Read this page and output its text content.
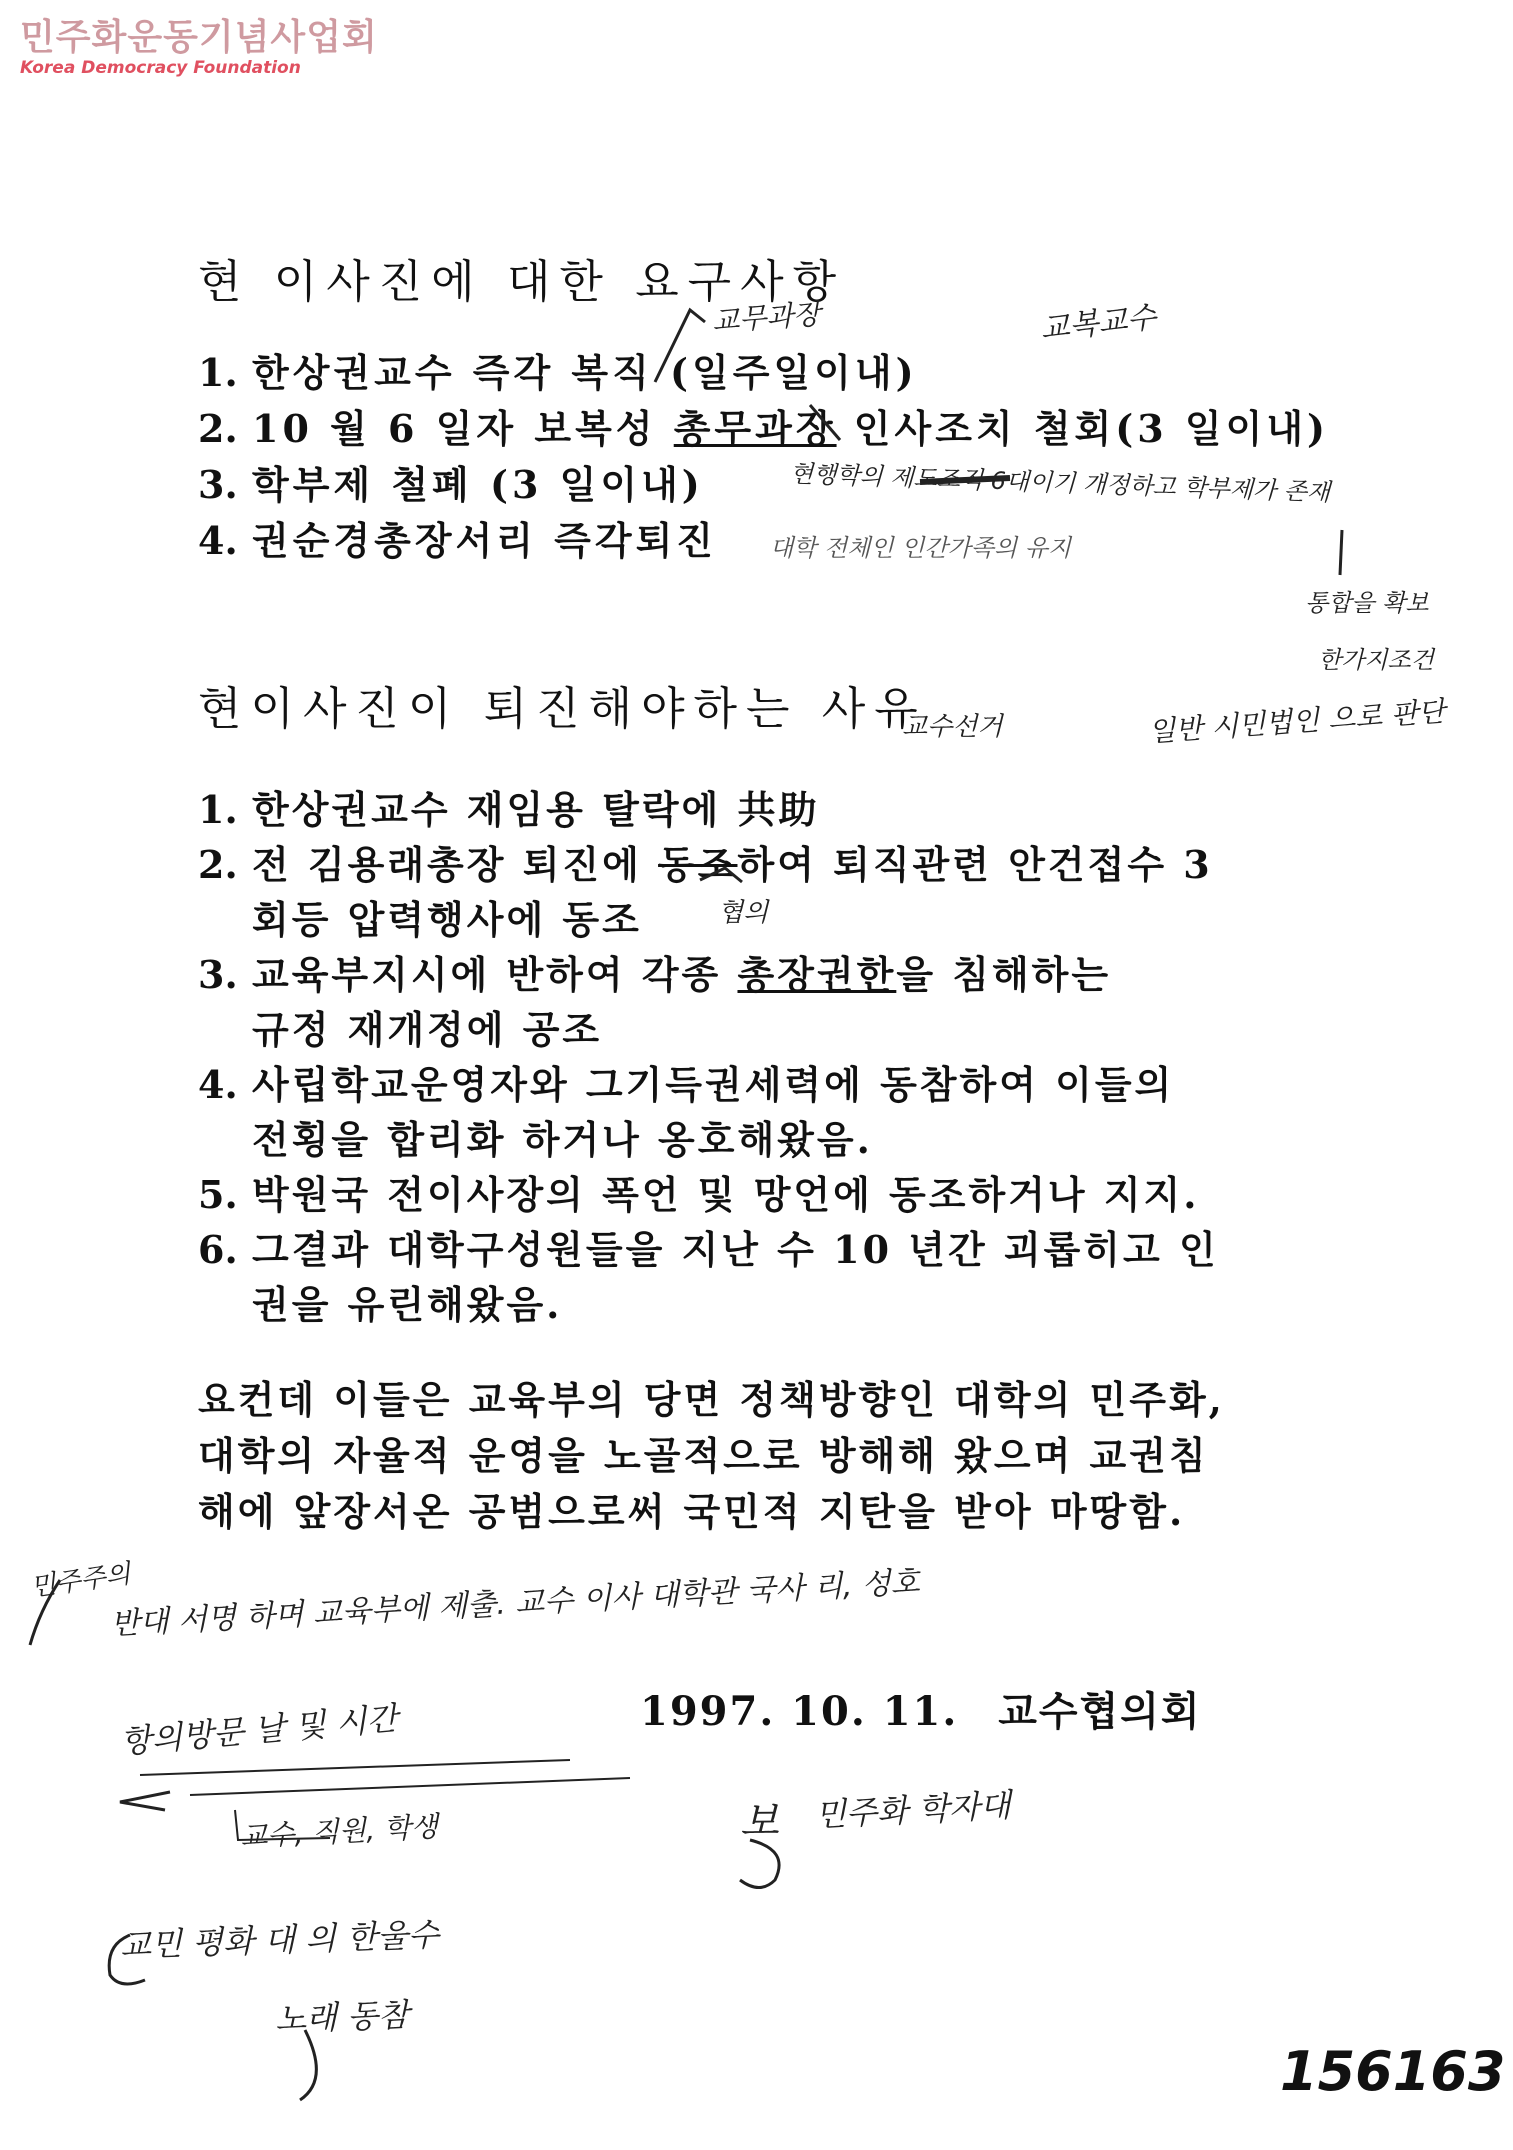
민주화운동기념사업회
Korea Democracy Foundation
현 이사진에 대한 요구사항
1. 한상권교수 즉각 복직 (일주일이내)
2. 10 월 6 일자 보복성 총무과장 인사조치 철회(3 일이내)
3. 학부제 철폐 (3 일이내)
4. 권순경총장서리 즉각퇴진
현이사진이 퇴진해야하는 사유
1. 한상권교수 재임용 탈락에 共助
2. 전 김용래총장 퇴진에 동조하여 퇴직관련 안건접수 3
회등 압력행사에 동조
3. 교육부지시에 반하여 각종 총장권한을 침해하는
규정 재개정에 공조
4. 사립학교운영자와 그기득권세력에 동참하여 이들의
전횡을 합리화 하거나 옹호해왔음.
5. 박원국 전이사장의 폭언 및 망언에 동조하거나 지지.
6. 그결과 대학구성원들을 지난 수 10 년간 괴롭히고 인
권을 유린해왔음.
요컨데 이들은 교육부의 당면 정책방향인 대학의 민주화,
대학의 자율적 운영을 노골적으로 방해해 왔으며 교권침
해에 앞장서온 공범으로써 국민적 지탄을 받아 마땅함.
1997. 10. 11. 교수협의회
교무과장	교복교수
현행학의 제도조직 6대이기 개정하고 학부제가 존재
대학 전체인 인간가족의 유지
통합을 확보
한가지조건
일반 시민법인 으로 판단
교수선거
협의
민주주의
반대 서명 하며 교육부에 제출. 교수 이사 대학관 국사 리, 성호
항의방문 날 및 시간
교수, 직원, 학생	보 민주화 학자대
교민 평화 대 의 한울수
노래 동참
156163
